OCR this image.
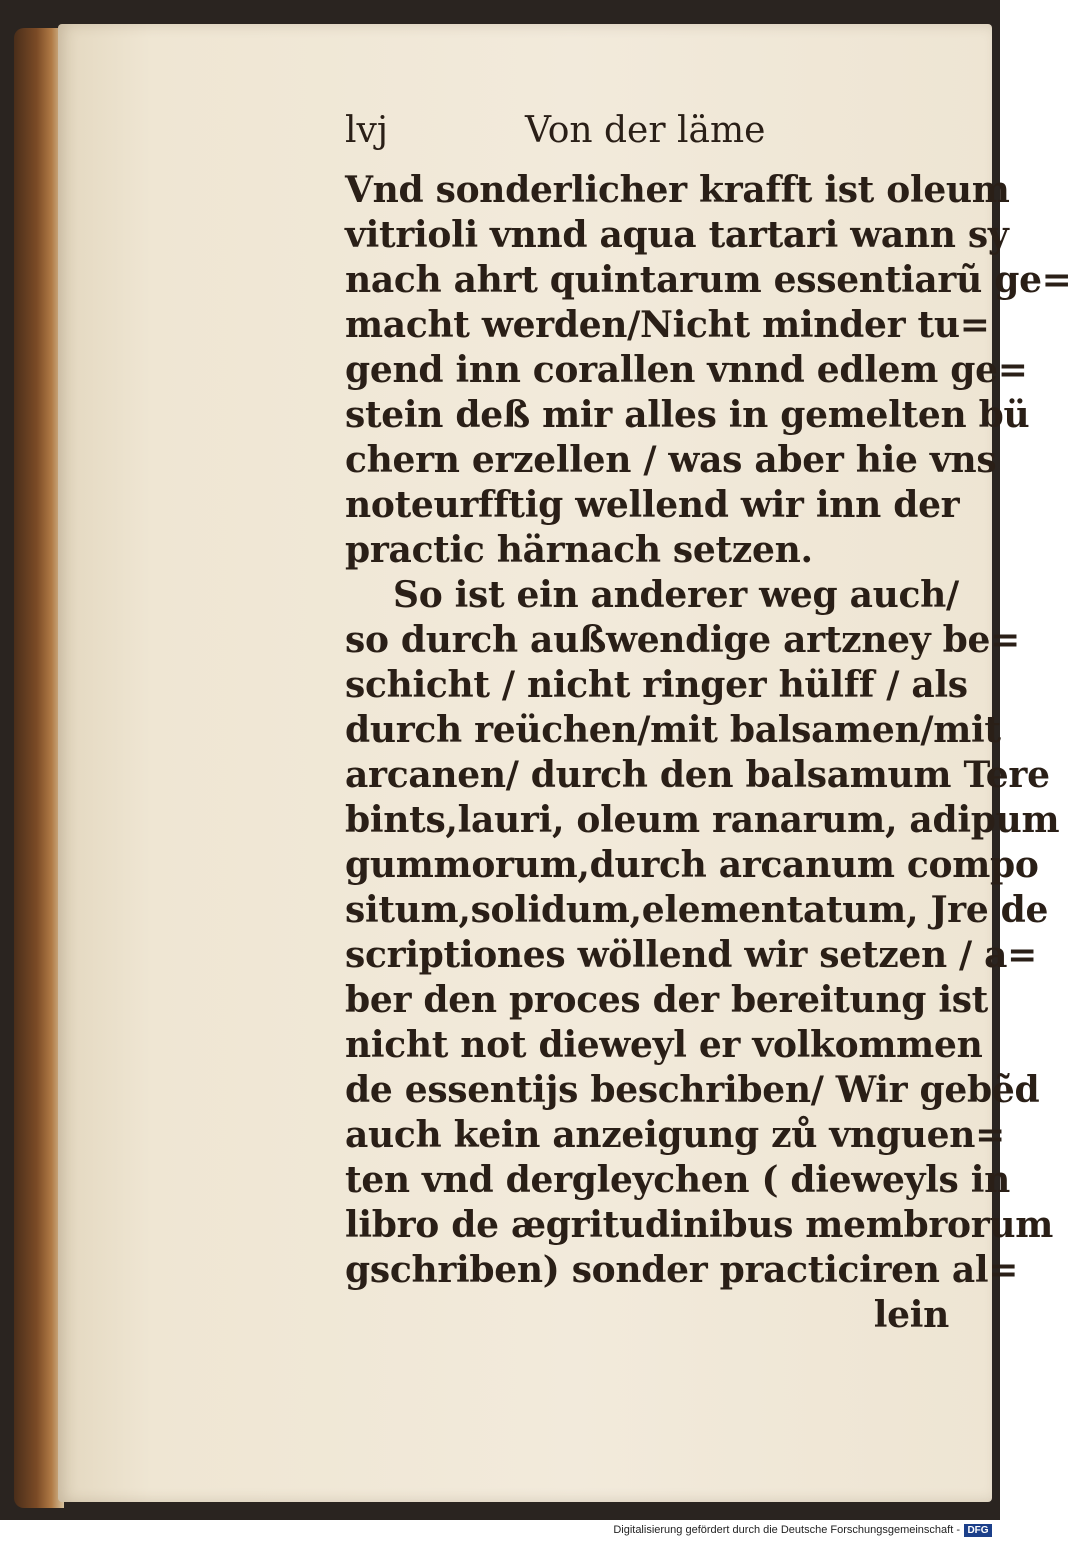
lvj	Von der läme
Vnd sonderlicher krafft ist oleum
vitrioli vnnd aqua tartari wann sy
nach ahrt quintarum essentiarũ ge=
macht werden/Nicht minder tu=
gend inn corallen vnnd edlem ge=
stein deß mir alles in gemelten bü
chern erzellen / was aber hie vns
noteurfftig wellend wir inn der
practic härnach setzen.
So ist ein anderer weg auch/
so durch außwendige artzney be=
schicht / nicht ringer hülff / als
durch reüchen/mit balsamen/mit
arcanen/ durch den balsamum Tere
bints,lauri, oleum ranarum, adipum
gummorum,durch arcanum compo
situm,solidum,elementatum, Jre de
scriptiones wöllend wir setzen / a=
ber den proces der bereitung ist
nicht not dieweyl er volkommen
de essentijs beschriben/ Wir gebẽd
auch kein anzeigung zů vnguen=
ten vnd dergleychen ( dieweyls in
libro de ægritudinibus membrorum
gschriben) sonder practiciren al=
lein
Digitalisierung gefördert durch die Deutsche Forschungsgemeinschaft - DFG
